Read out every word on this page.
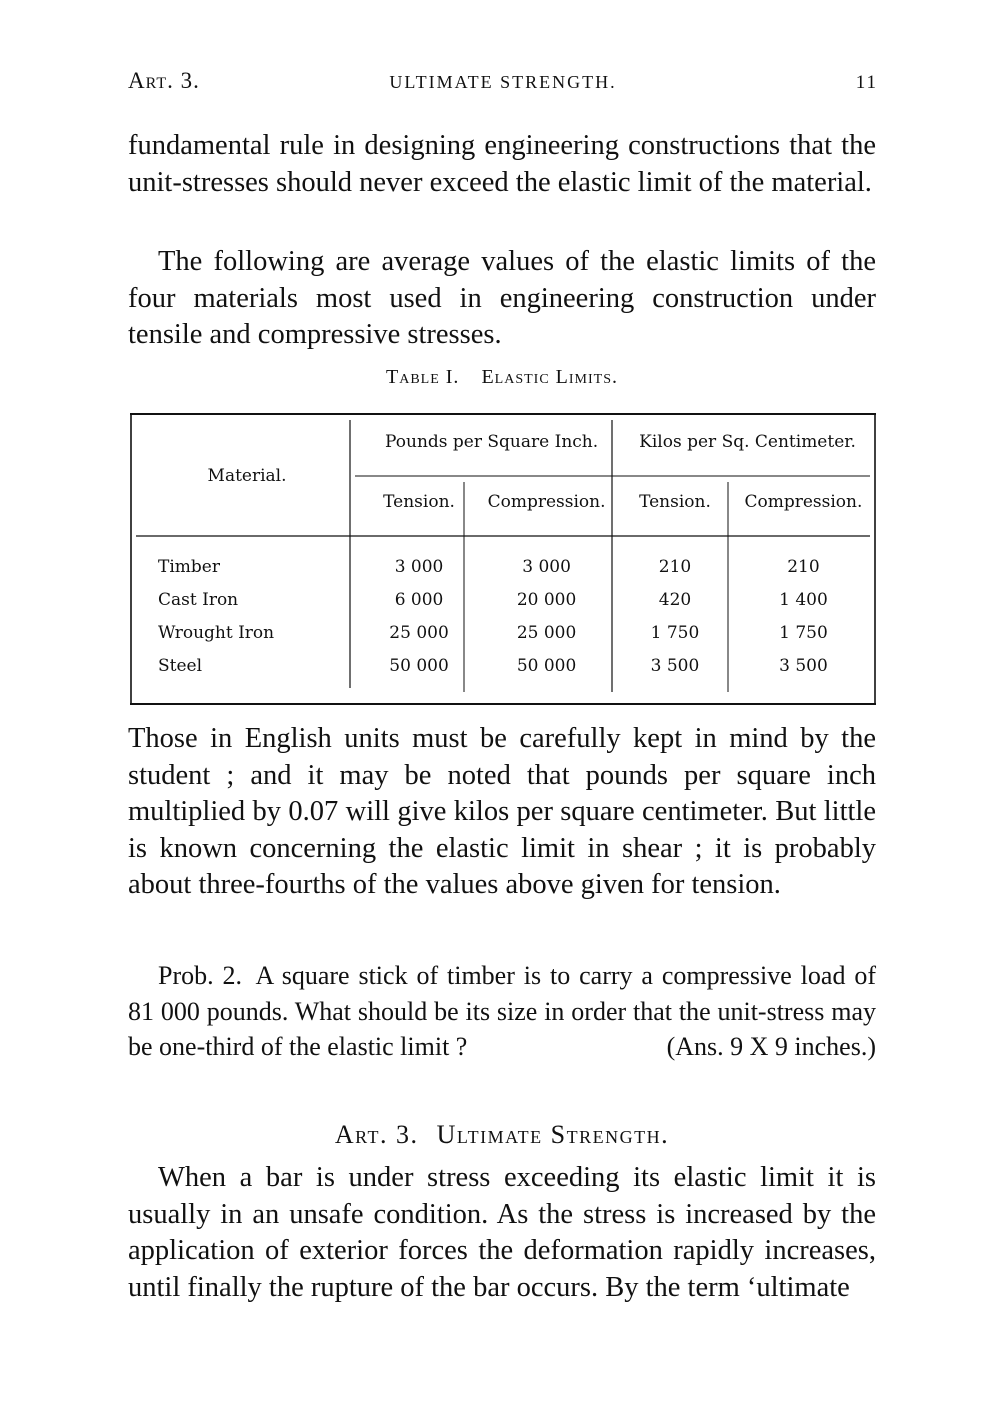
Art. 3.	ULTIMATE STRENGTH.	11
fundamental rule in designing engineering constructions that the unit-stresses should never exceed the elastic limit of the material.
The following are average values of the elastic limits of the four materials most used in engineering construction under tensile and compressive stresses.
Table I. Elastic Limits.
Material.	Pounds per Square Inch.		Kilos per Sq. Centimeter.	
	Tension.	Compression.	Tension.	Compression.
Timber	3 000	3 000	210	210
Cast Iron	6 000	20 000	420	1 400
Wrought Iron	25 000	25 000	1 750	1 750
Steel	50 000	50 000	3 500	3 500
Those in English units must be carefully kept in mind by the student ; and it may be noted that pounds per square inch multiplied by 0.07 will give kilos per square centimeter. But little is known concerning the elastic limit in shear ; it is probably about three-fourths of the values above given for tension.
Prob. 2. A square stick of timber is to carry a compressive load of 81 000 pounds. What should be its size in order that the unit-stress may be one-third of the elastic limit ?	(Ans. 9 X 9 inches.)
Art. 3. Ultimate Strength.
When a bar is under stress exceeding its elastic limit it is usually in an unsafe condition. As the stress is increased by the application of exterior forces the deformation rapidly increases, until finally the rupture of the bar occurs. By the term ‘ultimate
